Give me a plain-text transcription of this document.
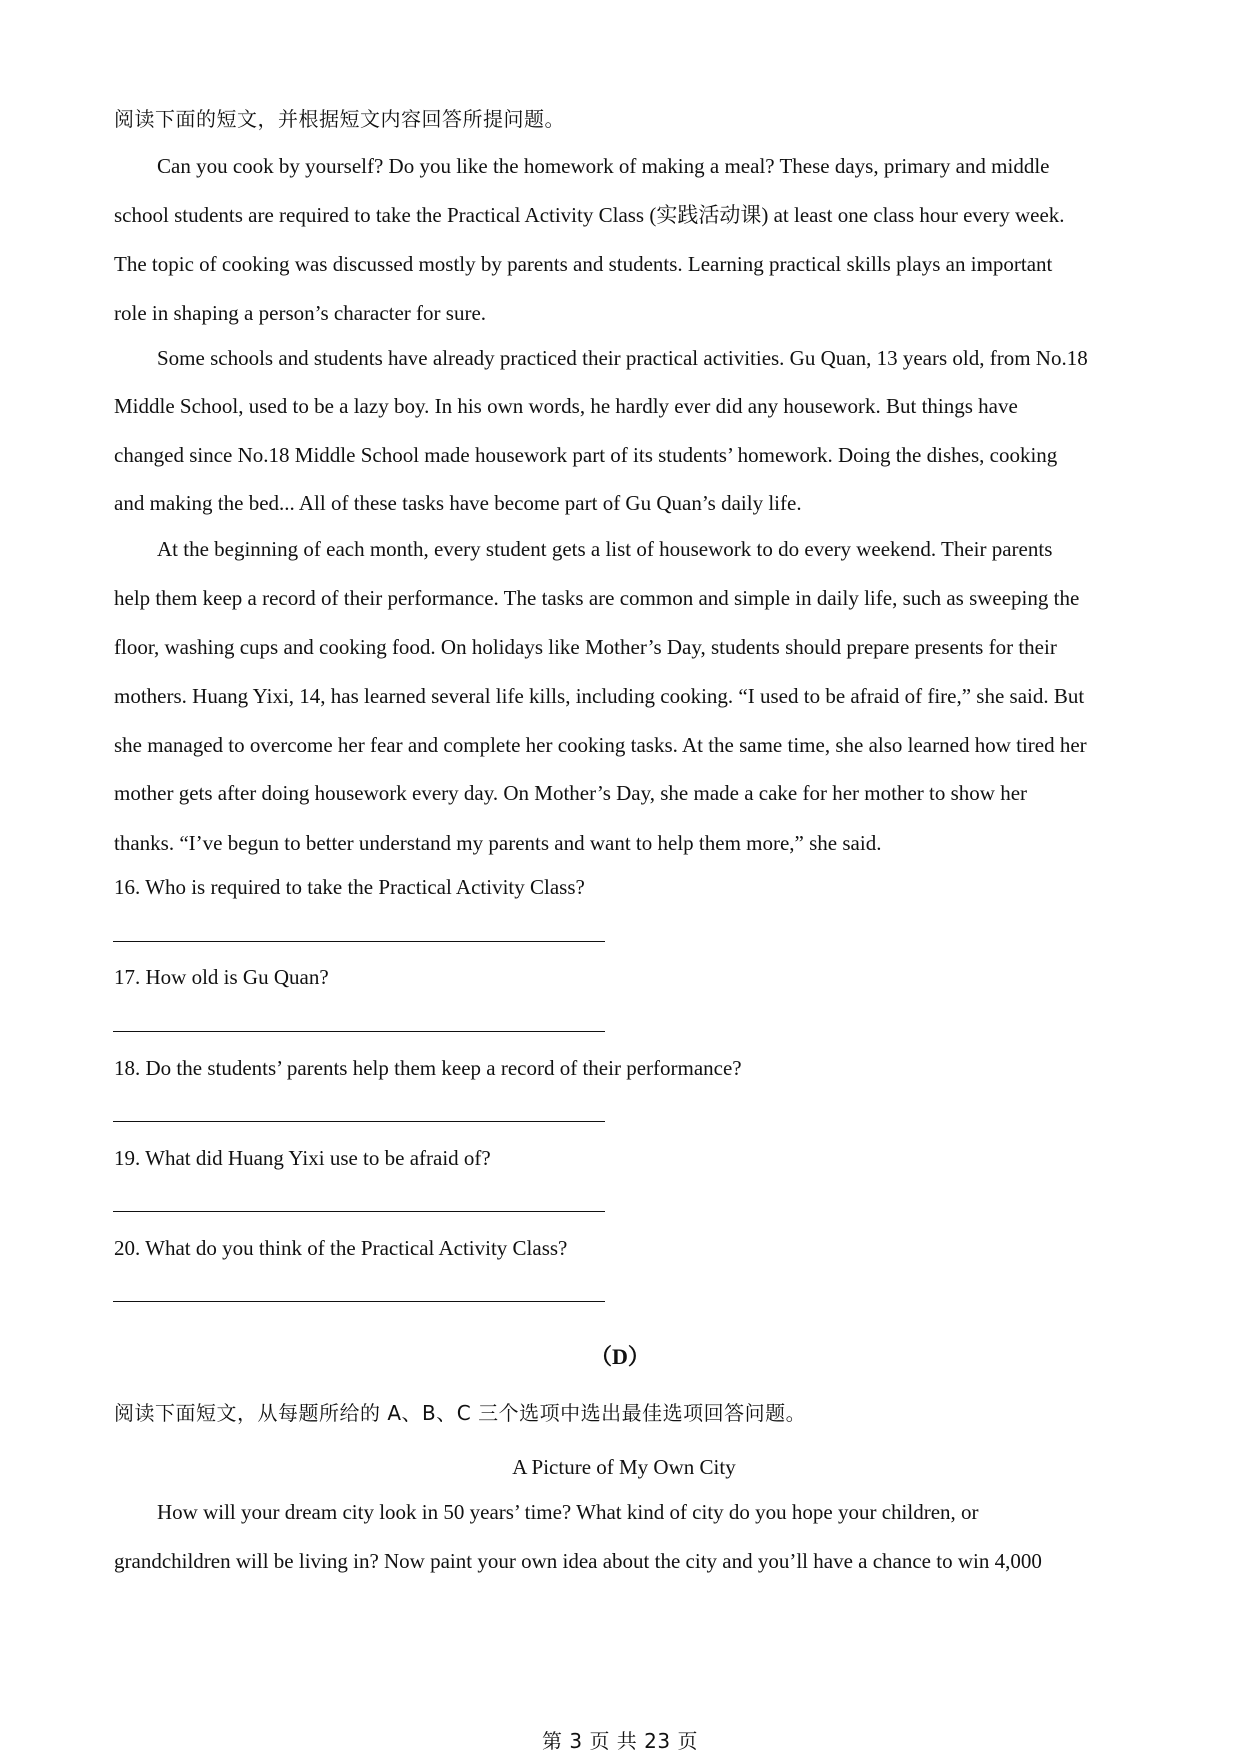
阅读下面的短文，并根据短文内容回答所提问题。
Can you cook by yourself? Do you like the homework of making a meal? These days, primary and middle
school students are required to take the Practical Activity Class (实践活动课) at least one class hour every week.
The topic of cooking was discussed mostly by parents and students. Learning practical skills plays an important
role in shaping a person’s character for sure.
Some schools and students have already practiced their practical activities. Gu Quan, 13 years old, from No.18
Middle School, used to be a lazy boy. In his own words, he hardly ever did any housework. But things have
changed since No.18 Middle School made housework part of its students’ homework. Doing the dishes, cooking
and making the bed... All of these tasks have become part of Gu Quan’s daily life.
At the beginning of each month, every student gets a list of housework to do every weekend. Their parents
help them keep a record of their performance. The tasks are common and simple in daily life, such as sweeping the
floor, washing cups and cooking food. On holidays like Mother’s Day, students should prepare presents for their
mothers. Huang Yixi, 14, has learned several life kills, including cooking. “I used to be afraid of fire,” she said. But
she managed to overcome her fear and complete her cooking tasks. At the same time, she also learned how tired her
mother gets after doing housework every day. On Mother’s Day, she made a cake for her mother to show her
thanks. “I’ve begun to better understand my parents and want to help them more,” she said.
16. Who is required to take the Practical Activity Class?
17. How old is Gu Quan?
18. Do the students’ parents help them keep a record of their performance?
19. What did Huang Yixi use to be afraid of?
20. What do you think of the Practical Activity Class?
（D）
阅读下面短文，从每题所给的 A、B、C 三个选项中选出最佳选项回答问题。
A Picture of My Own City
How will your dream city look in 50 years’ time? What kind of city do you hope your children, or
grandchildren will be living in? Now paint your own idea about the city and you’ll have a chance to win 4,000
第 3 页 共 23 页
